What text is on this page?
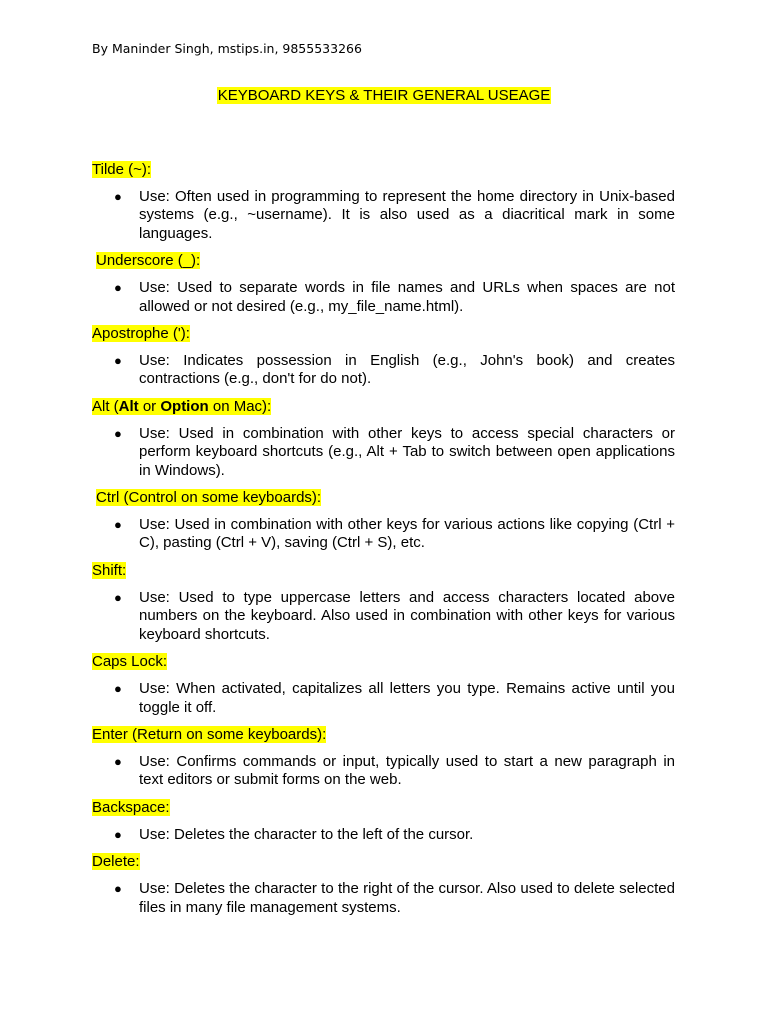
By Maninder Singh, mstips.in, 9855533266
KEYBOARD KEYS & THEIR GENERAL USEAGE
Tilde (~):
● Use: Often used in programming to represent the home directory in Unix-based systems (e.g., ~username). It is also used as a diacritical mark in some languages.
Underscore (_):
● Use: Used to separate words in file names and URLs when spaces are not allowed or not desired (e.g., my_file_name.html).
Apostrophe ('):
● Use: Indicates possession in English (e.g., John's book) and creates contractions (e.g., don't for do not).
Alt (Alt or Option on Mac):
● Use: Used in combination with other keys to access special characters or perform keyboard shortcuts (e.g., Alt + Tab to switch between open applications in Windows).
Ctrl (Control on some keyboards):
● Use: Used in combination with other keys for various actions like copying (Ctrl + C), pasting (Ctrl + V), saving (Ctrl + S), etc.
Shift:
● Use: Used to type uppercase letters and access characters located above numbers on the keyboard. Also used in combination with other keys for various keyboard shortcuts.
Caps Lock:
● Use: When activated, capitalizes all letters you type. Remains active until you toggle it off.
Enter (Return on some keyboards):
● Use: Confirms commands or input, typically used to start a new paragraph in text editors or submit forms on the web.
Backspace:
● Use: Deletes the character to the left of the cursor.
Delete:
● Use: Deletes the character to the right of the cursor. Also used to delete selected files in many file management systems.
